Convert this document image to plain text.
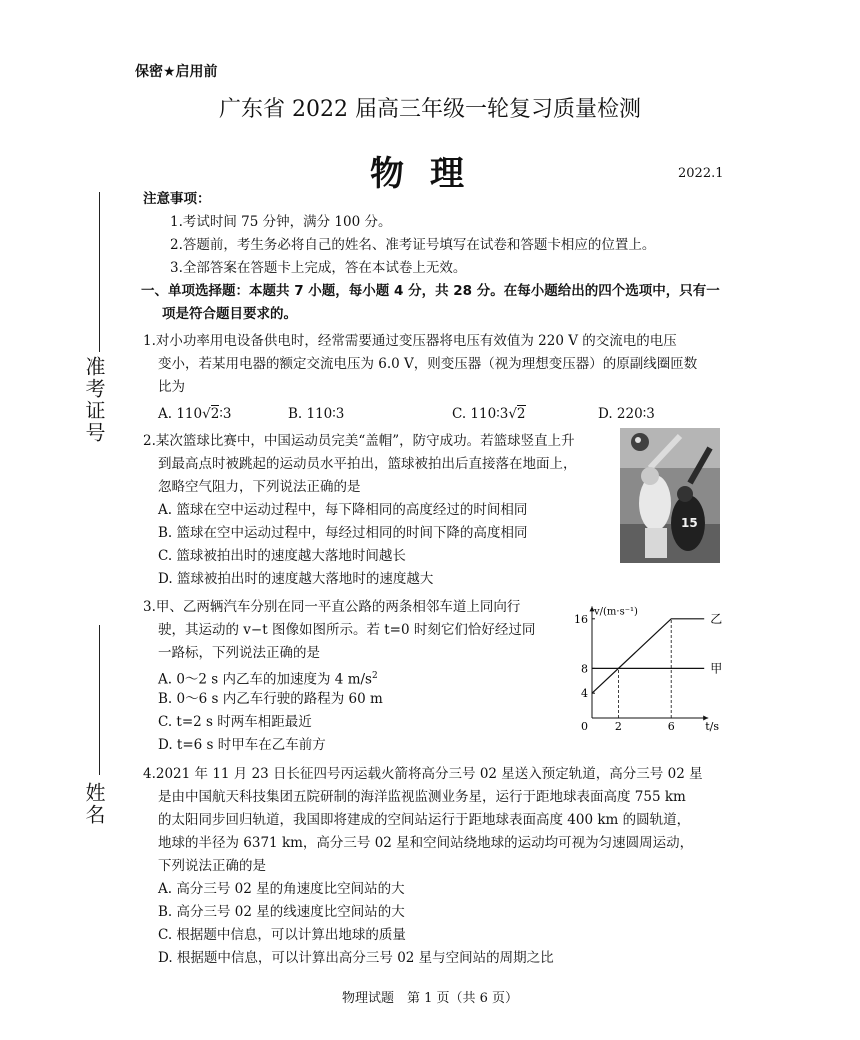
保密★启用前
广东省 2022 届高三年级一轮复习质量检测
物理	2022.1
准考证号
姓名
注意事项：
1.考试时间 75 分钟，满分 100 分。
2.答题前，考生务必将自己的姓名、准考证号填写在试卷和答题卡相应的位置上。
3.全部答案在答题卡上完成，答在本试卷上无效。
一、单项选择题：本题共 7 小题，每小题 4 分，共 28 分。在每小题给出的四个选项中，只有一
项是符合题目要求的。
1.对小功率用电设备供电时，经常需要通过变压器将电压有效值为 220 V 的交流电的电压
变小，若某用电器的额定交流电压为 6.0 V，则变压器（视为理想变压器）的原副线圈匝数
比为
A. 110√2∶3	B. 110∶3	C. 110∶3√2	D. 220∶3
2.某次篮球比赛中，中国运动员完美“盖帽”，防守成功。若篮球竖直上升
到最高点时被跳起的运动员水平拍出，篮球被拍出后直接落在地面上，
忽略空气阻力，下列说法正确的是
A. 篮球在空中运动过程中，每下降相同的高度经过的时间相同
B. 篮球在空中运动过程中，每经过相同的时间下降的高度相同
C. 篮球被拍出时的速度越大落地时间越长
D. 篮球被拍出时的速度越大落地时的速度越大
15
3.甲、乙两辆汽车分别在同一平直公路的两条相邻车道上同向行
驶，其运动的 v−t 图像如图所示。若 t=0 时刻它们恰好经过同
一路标，下列说法正确的是
A. 0～2 s 内乙车的加速度为 4 $m/s^2$
B. 0～6 s 内乙车行驶的路程为 60 m
C. t=2 s 时两车相距最近
D. t=6 s 时甲车在乙车前方
v/(m·s⁻¹)
t/s
0
4
8
16
2	6
甲
乙
4.2021 年 11 月 23 日长征四号丙运载火箭将高分三号 02 星送入预定轨道，高分三号 02 星
是由中国航天科技集团五院研制的海洋监视监测业务星，运行于距地球表面高度 755 km
的太阳同步回归轨道，我国即将建成的空间站运行于距地球表面高度 400 km 的圆轨道，
地球的半径为 6371 km，高分三号 02 星和空间站绕地球的运动均可视为匀速圆周运动，
下列说法正确的是
A. 高分三号 02 星的角速度比空间站的大
B. 高分三号 02 星的线速度比空间站的大
C. 根据题中信息，可以计算出地球的质量
D. 根据题中信息，可以计算出高分三号 02 星与空间站的周期之比
物理试题　第 1 页（共 6 页）
